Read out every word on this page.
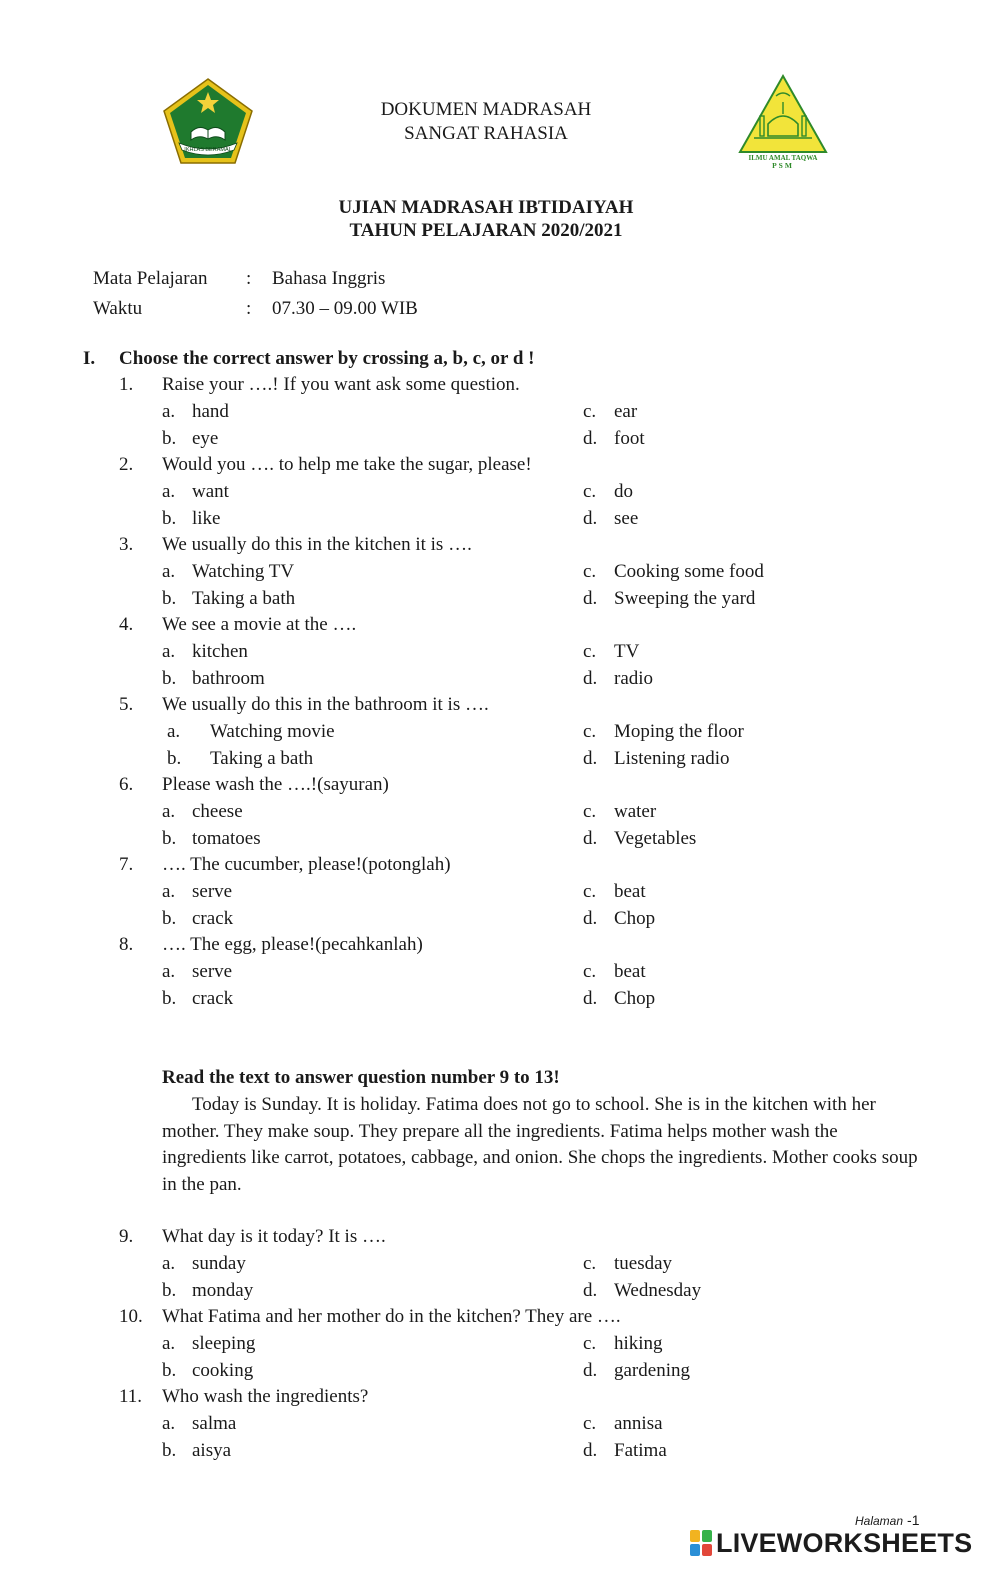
IKHLAS BERAMAL
ILMU AMAL TAQWA
PSM
DOKUMEN MADRASAH
SANGAT RAHASIA
UJIAN MADRASAH IBTIDAIYAH
TAHUN PELAJARAN 2020/2021
Mata Pelajaran : Bahasa Inggris
Waktu	: 07.30 – 09.00 WIB
I. Choose the correct answer by crossing a, b, c, or d !
1. Raise your ….! If you want ask some question.
a. hand	c. ear
b. eye	d. foot
2. Would you …. to help me take the sugar, please!
a. want	c. do
b. like	d. see
3. We usually do this in the kitchen it is ….
a. Watching TV	c. Cooking some food
b. Taking a bath	d. Sweeping the yard
4. We see a movie at the ….
a. kitchen	c. TV
b. bathroom	d. radio
5. We usually do this in the bathroom it is ….
a. Watching movie	c. Moping the floor
b. Taking a bath	d. Listening radio
6. Please wash the ….!(sayuran)
a. cheese	c. water
b. tomatoes	d. Vegetables
7. …. The cucumber, please!(potonglah)
a. serve	c. beat
b. crack	d. Chop
8. …. The egg, please!(pecahkanlah)
a. serve	c. beat
b. crack	d. Chop
Read the text to answer question number 9 to 13!
Today is Sunday. It is holiday. Fatima does not go to school. She is in the kitchen with her mother. They make soup. They prepare all the ingredients. Fatima helps mother wash the ingredients like carrot, potatoes, cabbage, and onion. She chops the ingredients. Mother cooks soup in the pan.
9. What day is it today? It is ….
a. sunday	c. tuesday
b. monday	d. Wednesday
10. What Fatima and her mother do in the kitchen? They are ….
a. sleeping	c. hiking
b. cooking	d. gardening
11. Who wash the ingredients?
a. salma	c. annisa
b. aisya	d. Fatima
Halaman -1
LIVEWORKSHEETS
